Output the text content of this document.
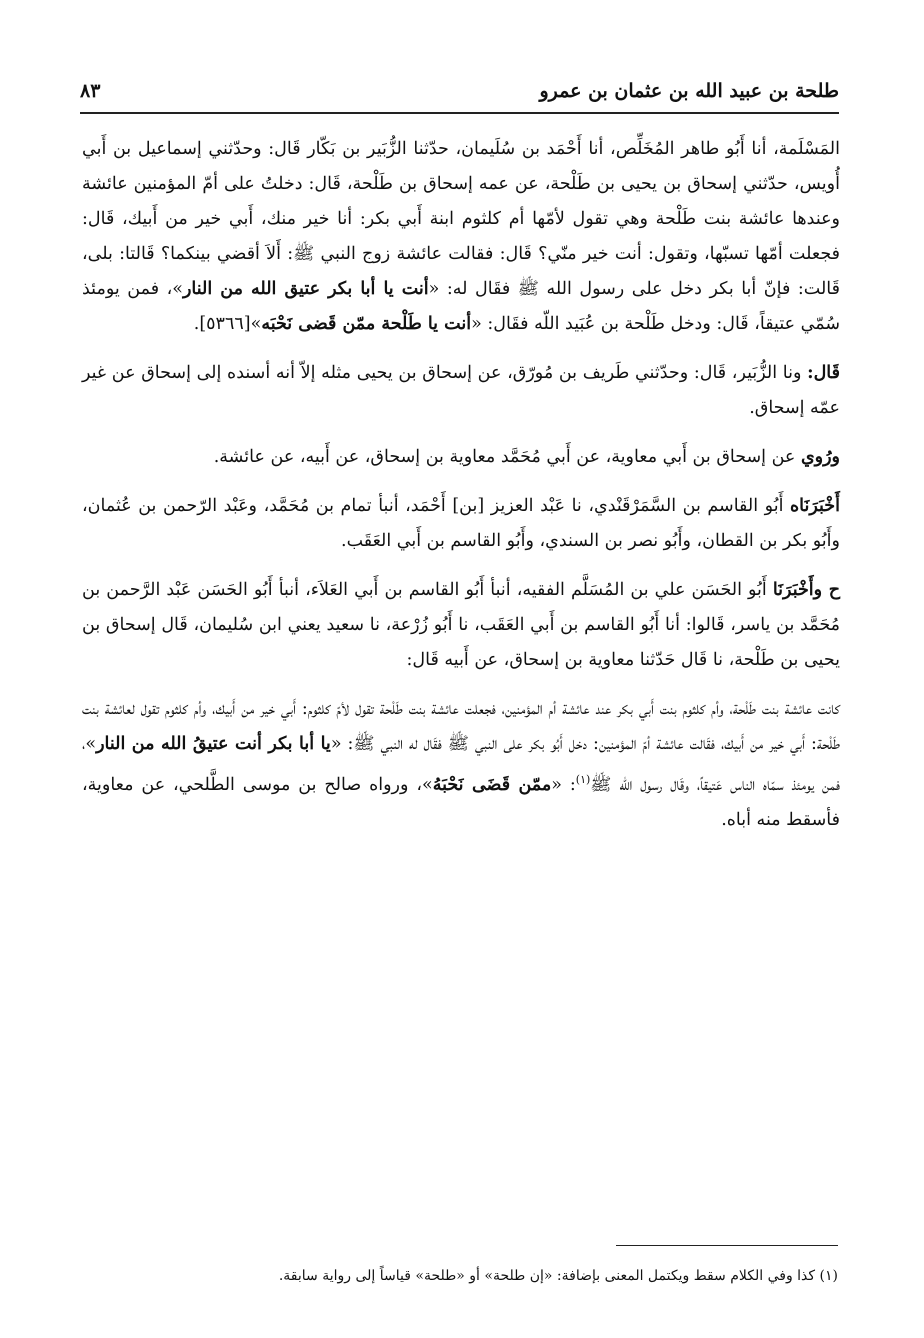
طلحة بن عبيد الله بن عثمان بن عمرو
٨٣

المَسْلَمة، أنا أَبُو طاهر المُخَلِّص، أنا أَحْمَد بن سُلَيمان، حدّثنا الزُّبَير بن بَكّار قَال: وحدّثني إسماعيل بن أَبي أُويس، حدّثني إسحاق بن يحيى بن طَلْحة، عن عمه إسحاق بن طَلْحة، قَال: دخلتُ على أمّ المؤمنين عائشة وعندها عائشة بنت طَلْحة وهي تقول لأمّها أم كلثوم ابنة أَبي بكر: أنا خير منك، أَبي خير من أَبيك، قَال: فجعلت أمّها تسبّها، وتقول: أنت خير منّي؟ قَال: فقالت عائشة زوج النبي ﷺ: أَلاَ أقضي بينكما؟ قَالتا: بلى، قَالت: فإنّ أبا بكر دخل على رسول الله ﷺ فقَال له: «أنت يا أبا بكر عتيق الله من النار»، فمن يومئذ سُمّي عتيقاً، قَال: ودخل طَلْحة بن عُبَيد اللّه فقَال: «أنت يا طَلْحة ممّن قَضى نَحْبَه»[٥٣٦٦].

قَال: ونا الزُّبَير، قَال: وحدّثني طَريف بن مُورّق، عن إسحاق بن يحيى مثله إلاّ أنه أسنده إلى إسحاق عن غير عمّه إسحاق.

ورُوي عن إسحاق بن أَبي معاوية، عن أَبي مُحَمَّد معاوية بن إسحاق، عن أَبيه، عن عائشة.

أَخْبَرَنَاه أَبُو القاسم بن السَّمَرْقَنْدي، نا عَبْد العزيز [بن] أَحْمَد، أنبأ تمام بن مُحَمَّد، وعَبْد الرّحمن بن عُثمان، وأَبُو بكر بن القطان، وأَبُو نصر بن السندي، وأَبُو القاسم بن أَبي العَقَب.

ح وأَخْبَرَنَا أَبُو الحَسَن علي بن المُسَلَّم الفقيه، أنبأ أَبُو القاسم بن أَبي العَلاَء، أنبأ أَبُو الحَسَن عَبْد الرَّحمن بن مُحَمَّد بن ياسر، قَالوا: أنا أَبُو القاسم بن أَبي العَقَب، نا أَبُو زُرْعة، نا سعيد يعني ابن سُليمان، قَال إسحاق بن يحيى بن طَلْحة، نا قَال حَدّثنا معاوية بن إسحاق، عن أَبيه قَال:

كانت عائشة بنت طَلْحة، وأم كلثوم بنت أَبي بكر عند عائشة أم المؤمنين، فجعلت عائشة بنت طَلْحة تقول لأمّ كلثوم: أَبي خير من أَبيك، وأم كلثوم تقول لعائشة بنت طَلْحة: أَبي خير من أَبيك، فقَالت عائشة أمّ المؤمنين: دخل أَبُو بكر على النبي ﷺ فقَال له النبي ﷺ: «يا أبا بكر أنت عتيقُ الله من النار»، فمن يومئذ سمّاه الناس عَتيقاً، وقَال رسول الله ﷺ$^{(١)}$: «ممّن قَضَى نَحْبَهُ»، ورواه صالح بن موسى الطَّلحي، عن معاوية، فأسقط منه أباه.

(١) كذا وفي الكلام سقط ويكتمل المعنى بإضافة: «إن طلحة» أو «طلحة» قياساً إلى رواية سابقة.
